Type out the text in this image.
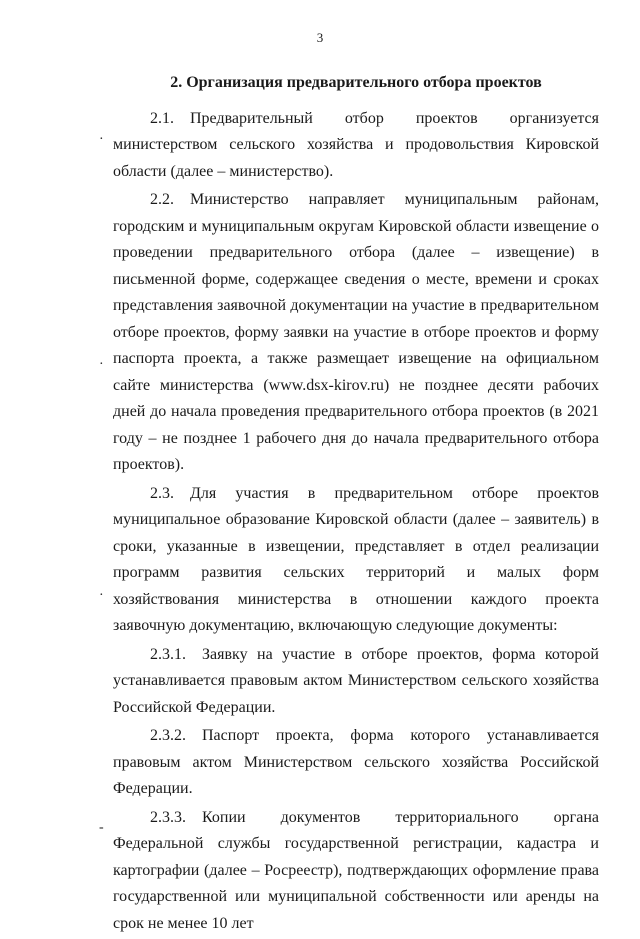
3
·
·
·
-
2. Организация предварительного отбора проектов

2.1. Предварительный отбор проектов организуется министерством сельского хозяйства и продовольствия Кировской области (далее – министерство).

2.2. Министерство направляет муниципальным районам, городским и муниципальным округам Кировской области извещение о проведении предварительного отбора (далее – извещение) в письменной форме, содержащее сведения о месте, времени и сроках представления заявочной документации на участие в предварительном отборе проектов, форму заявки на участие в отборе проектов и форму паспорта проекта, а также размещает извещение на официальном сайте министерства (www.dsx-kirov.ru) не позднее десяти рабочих дней до начала проведения предварительного отбора проектов (в 2021 году – не позднее 1 рабочего дня до начала предварительного отбора проектов).

2.3. Для участия в предварительном отборе проектов муниципальное образование Кировской области (далее – заявитель) в сроки, указанные в извещении, представляет в отдел реализации программ развития сельских территорий и малых форм хозяйствования министерства в отношении каждого проекта заявочную документацию, включающую следующие документы:

2.3.1. Заявку на участие в отборе проектов, форма которой устанавливается правовым актом Министерством сельского хозяйства Российской Федерации.

2.3.2. Паспорт проекта, форма которого устанавливается правовым актом Министерством сельского хозяйства Российской Федерации.

2.3.3. Копии документов территориального органа Федеральной службы государственной регистрации, кадастра и картографии (далее – Росреестр), подтверждающих оформление права государственной или муниципальной собственности или аренды на срок не менее 10 лет
